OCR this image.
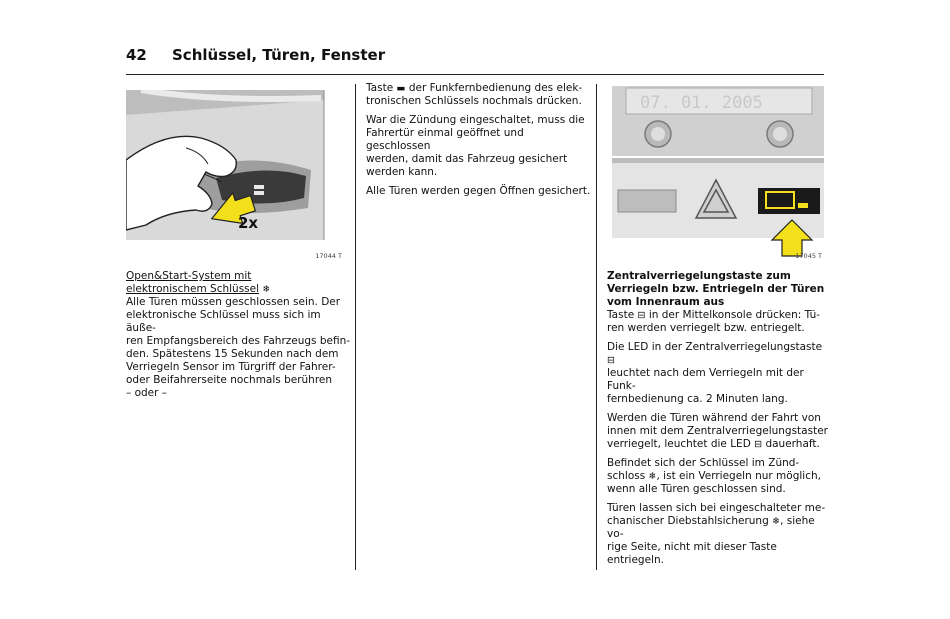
42 Schlüssel, Türen, Fenster
2x
17044 T
07. 01. 2005
17045 T
Open&Start-System mit
elektronischem Schlüssel ❄
Alle Türen müssen geschlossen sein. Der
elektronische Schlüssel muss sich im äuße-
ren Empfangsbereich des Fahrzeugs befin-
den. Spätestens 15 Sekunden nach dem
Verriegeln Sensor im Türgriff der Fahrer-
oder Beifahrerseite nochmals berühren
– oder –

Taste ▬ der Funkfernbedienung des elek-
tronischen Schlüssels nochmals drücken.

War die Zündung eingeschaltet, muss die
Fahrertür einmal geöffnet und geschlossen
werden, damit das Fahrzeug gesichert
werden kann.

Alle Türen werden gegen Öffnen gesichert.

Zentralverriegelungstaste zum
Verriegeln bzw. Entriegeln der Türen
vom Innenraum aus

Taste ⊟ in der Mittelkonsole drücken: Tü-
ren werden verriegelt bzw. entriegelt.

Die LED in der Zentralverriegelungstaste ⊟
leuchtet nach dem Verriegeln mit der Funk-
fernbedienung ca. 2 Minuten lang.

Werden die Türen während der Fahrt von
innen mit dem Zentralverriegelungstaster
verriegelt, leuchtet die LED ⊟ dauerhaft.

Befindet sich der Schlüssel im Zünd-
schloss ❄, ist ein Verriegeln nur möglich,
wenn alle Türen geschlossen sind.

Türen lassen sich bei eingeschalteter me-
chanischer Diebstahlsicherung ❄, siehe vo-
rige Seite, nicht mit dieser Taste entriegeln.
